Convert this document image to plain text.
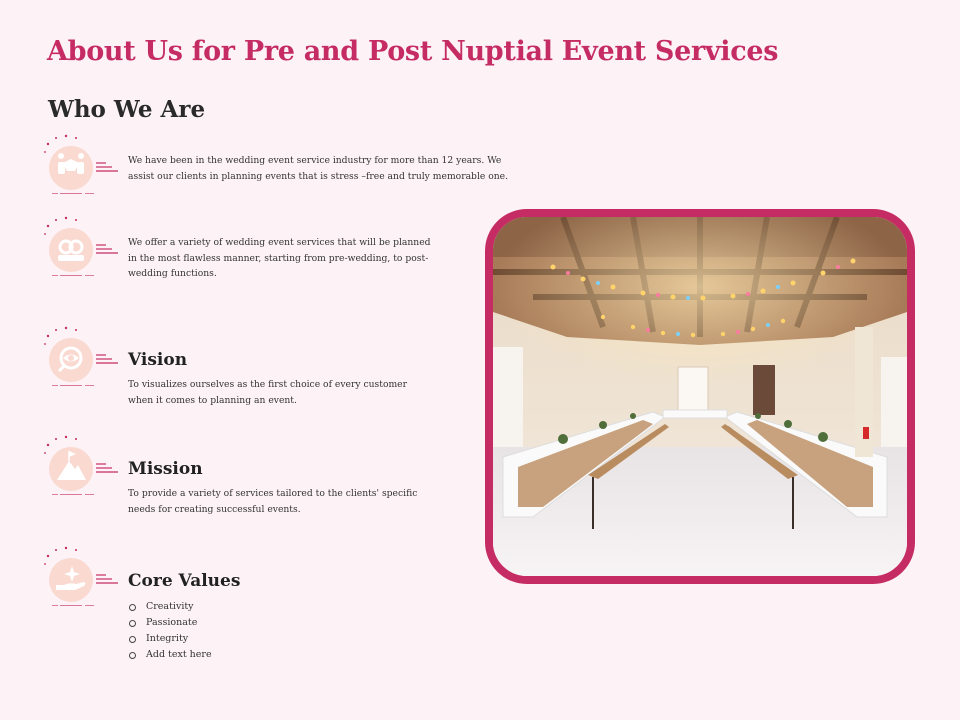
About Us for Pre and Post Nuptial Event Services
Who We Are

We have been in the wedding event service industry for more than 12 years. We assist our clients in planning events that is stress –free and truly memorable one.

We offer a variety of wedding event services that will be planned in the most flawless manner, starting from pre-wedding, to post-wedding functions.

Vision

To visualizes ourselves as the first choice of every customer when it comes to planning an event.

Mission

To provide a variety of services tailored to the clients' specific needs for creating successful events.

Core Values
Creativity
Passionate
Integrity
Add text here
